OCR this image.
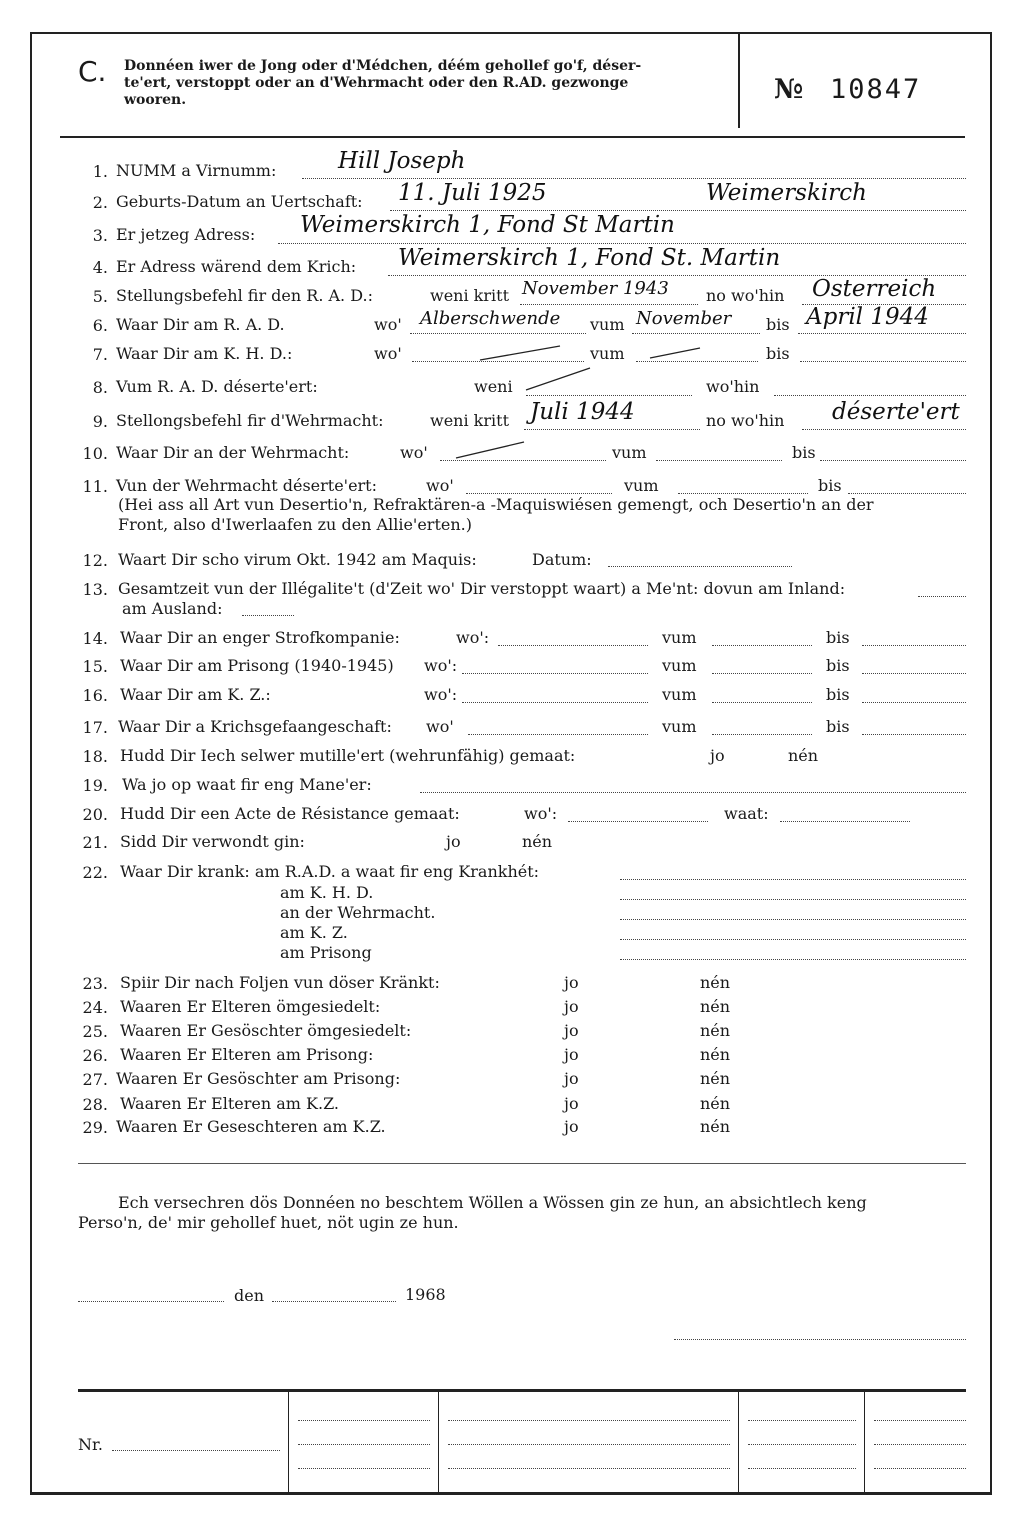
C. Donnéen iwer de Jong oder d'Médchen, déém gehollef go'f, déser-
te'ert, verstoppt oder an d'Wehrmacht oder den R.AD. gezwonge
wooren.	№ 10847
1. NUMM a Virnumm:	Hill Joseph
2. Geburts-Datum an Uertschaft: 11. Juli 1925	Weimerskirch
3. Er jetzeg Adress: Weimerskirch 1, Fond St Martin
4. Er Adress wärend dem Krich: Weimerskirch 1, Fond St. Martin
5. Stellungsbefehl fir den R. A. D.:	weni kritt November 1943 no wo'hin Osterreich
6. Waar Dir am R. A. D.	wo' Alberschwende vum November bis April 1944
7. Waar Dir am K. H. D.:	wo'	vum	bis
8. Vum R. A. D. déserte'ert:	weni	wo'hin
9. Stellongsbefehl fir d'Wehrmacht:	weni kritt Juli 1944	no wo'hin déserte'ert
10. Waar Dir an der Wehrmacht:	wo'	vum	bis
11. Vun der Wehrmacht déserte'ert:	wo'	vum	bis
(Hei ass all Art vun Desertio'n, Refraktären-a -Maquiswiésen gemengt, och Desertio'n an der
Front, also d'Iwerlaafen zu den Allie'erten.)
12. Waart Dir scho virum Okt. 1942 am Maquis:	Datum:
13. Gesamtzeit vun der Illégalite't (d'Zeit wo' Dir verstoppt waart) a Me'nt: dovun am Inland:
am Ausland:
14. Waar Dir an enger Strofkompanie:	wo':	vum	bis
15. Waar Dir am Prisong (1940-1945) wo':	vum	bis
16. Waar Dir am K. Z.:	wo':	vum	bis
17. Waar Dir a Krichsgefaangeschaft: wo'	vum	bis
18. Hudd Dir Iech selwer mutille'ert (wehrunfähig) gemaat:	jo	nén
19. Wa jo op waat fir eng Mane'er:
20. Hudd Dir een Acte de Résistance gemaat:	wo':	waat:
21. Sidd Dir verwondt gin:	jo	nén
22. Waar Dir krank: am R.A.D. a waat fir eng Krankhét:
am K. H. D.
an der Wehrmacht.
am K. Z.
am Prisong
23. Spiir Dir nach Foljen vun döser Kränkt:	jo	nén
24. Waaren Er Elteren ömgesiedelt:	jo	nén
25. Waaren Er Gesöschter ömgesiedelt:	jo	nén
26. Waaren Er Elteren am Prisong:	jo	nén
27. Waaren Er Gesöschter am Prisong:	jo	nén
28. Waaren Er Elteren am K.Z.	jo	nén
29. Waaren Er Geseschteren am K.Z.	jo	nén
Ech versechren dös Donnéen no beschtem Wöllen a Wössen gin ze hun, an absichtlech keng
Perso'n, de' mir gehollef huet, nöt ugin ze hun.
den	1968
Nr.
